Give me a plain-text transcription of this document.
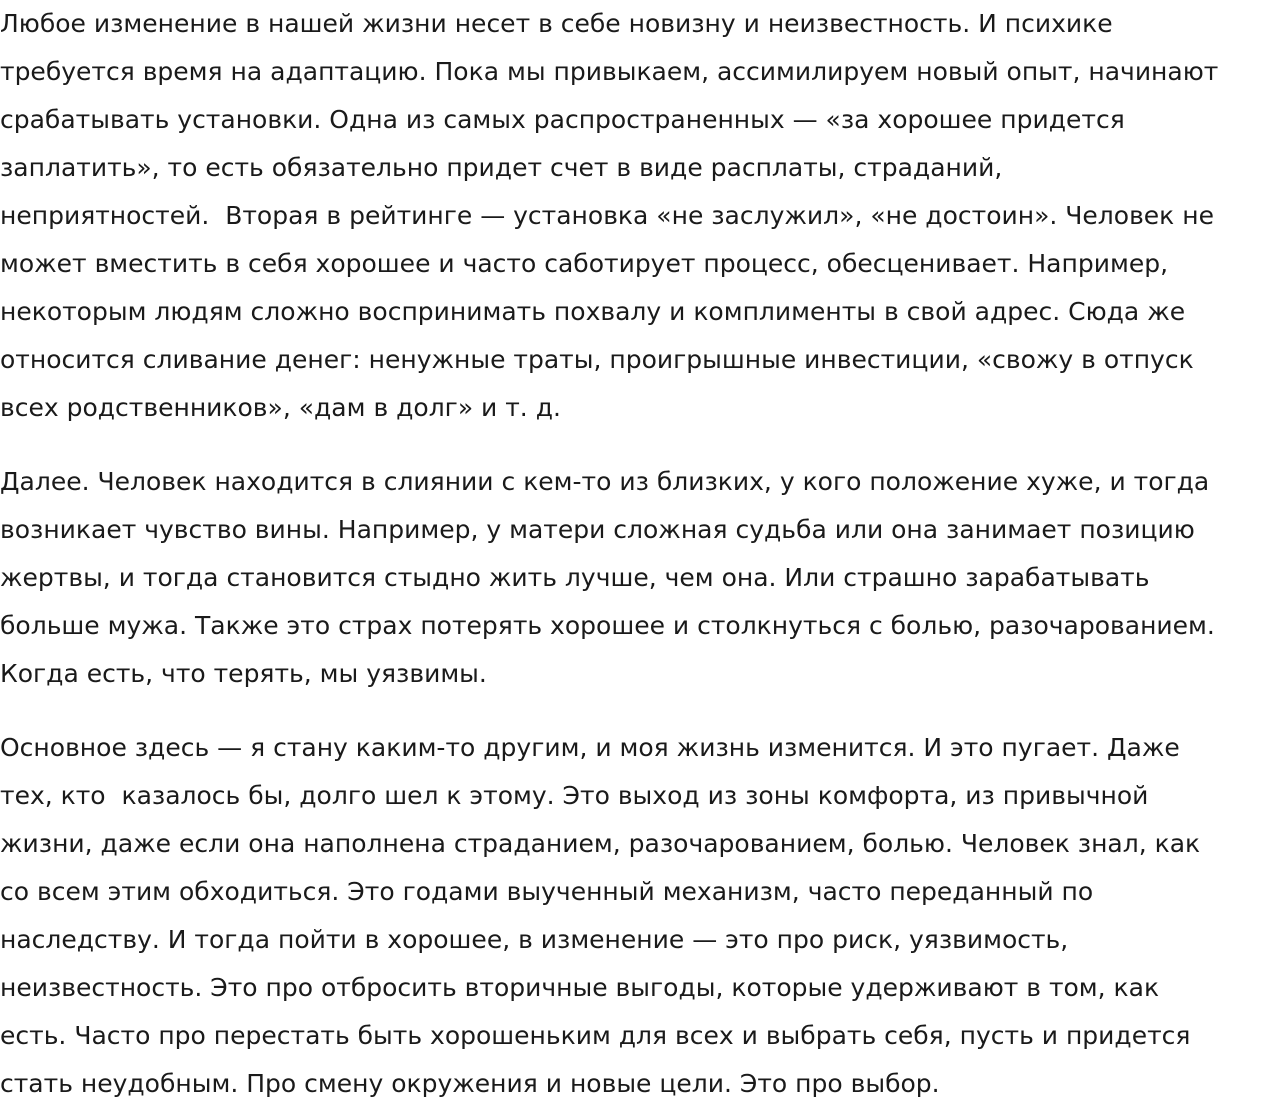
Любое изменение в нашей жизни несет в себе новизну и неизвестность. И психике
требуется время на адаптацию. Пока мы привыкаем, ассимилируем новый опыт, начинают
срабатывать установки. Одна из самых распространенных — «за хорошее придется
заплатить», то есть обязательно придет счет в виде расплаты, страданий,
неприятностей.  Вторая в рейтинге — установка «не заслужил», «не достоин». Человек не
может вместить в себя хорошее и часто саботирует процесс, обесценивает. Например,
некоторым людям сложно воспринимать похвалу и комплименты в свой адрес. Сюда же
относится сливание денег: ненужные траты, проигрышные инвестиции, «свожу в отпуск
всех родственников», «дам в долг» и т. д.

Далее. Человек находится в слиянии с кем-то из близких, у кого положение хуже, и тогда
возникает чувство вины. Например, у матери сложная судьба или она занимает позицию
жертвы, и тогда становится стыдно жить лучше, чем она. Или страшно зарабатывать
больше мужа. Также это страх потерять хорошее и столкнуться с болью, разочарованием.
Когда есть, что терять, мы уязвимы.

Основное здесь — я стану каким-то другим, и моя жизнь изменится. И это пугает. Даже
тех, кто  казалось бы, долго шел к этому. Это выход из зоны комфорта, из привычной
жизни, даже если она наполнена страданием, разочарованием, болью. Человек знал, как
со всем этим обходиться. Это годами выученный механизм, часто переданный по
наследству. И тогда пойти в хорошее, в изменение — это про риск, уязвимость,
неизвестность. Это про отбросить вторичные выгоды, которые удерживают в том, как
есть. Часто про перестать быть хорошеньким для всех и выбрать себя, пусть и придется
стать неудобным. Про смену окружения и новые цели. Это про выбор.
